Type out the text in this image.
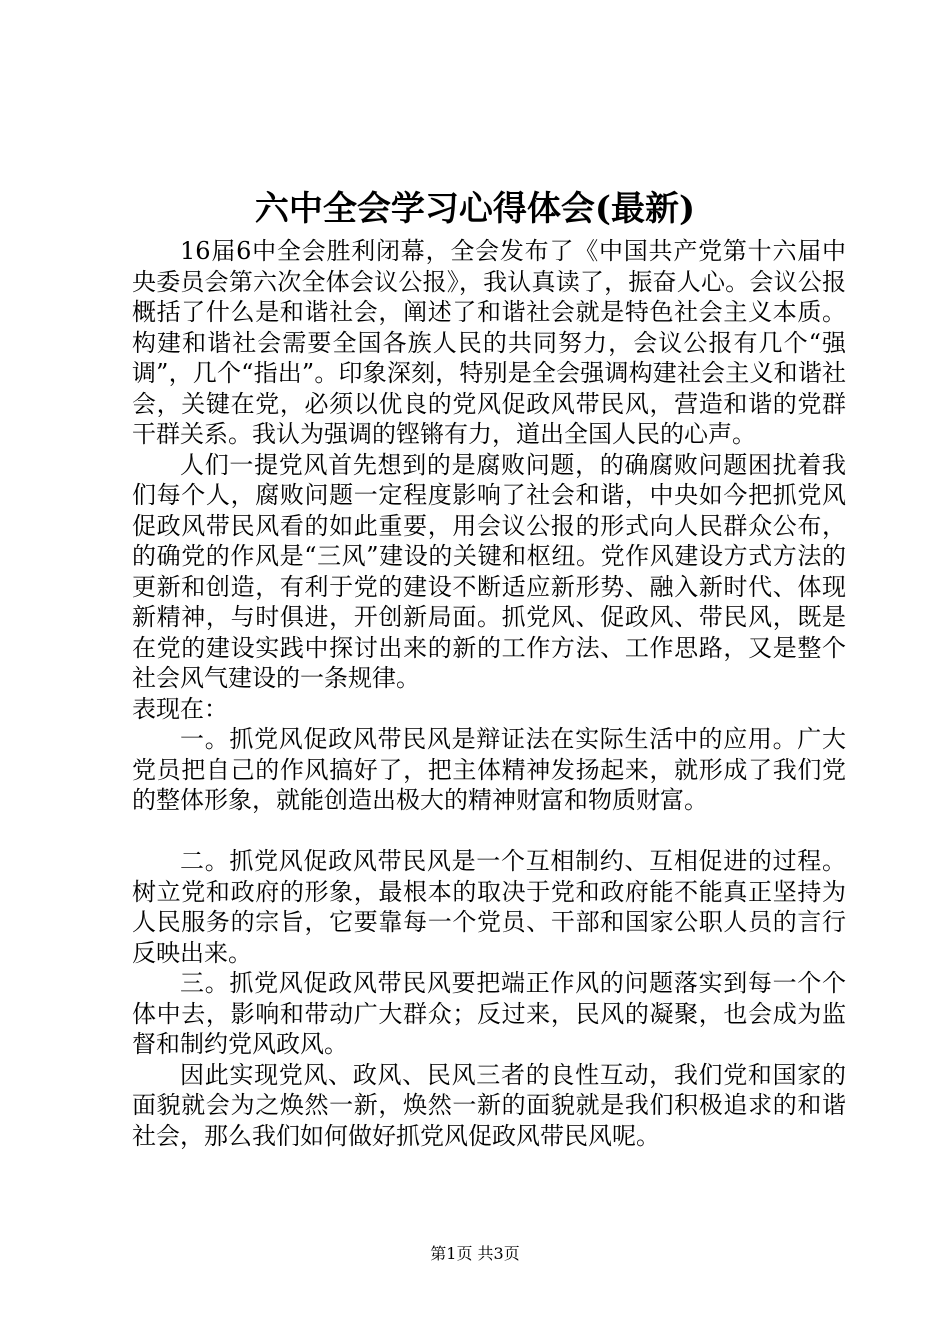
六中全会学习心得体会(最新)

16届6中全会胜利闭幕，全会发布了《中国共产党第十六届中央委员会第六次全体会议公报》，我认真读了，振奋人心。会议公报概括了什么是和谐社会，阐述了和谐社会就是特色社会主义本质。构建和谐社会需要全国各族人民的共同努力，会议公报有几个“强调”，几个“指出”。印象深刻，特别是全会强调构建社会主义和谐社会，关键在党，必须以优良的党风促政风带民风，营造和谐的党群干群关系。我认为强调的铿锵有力，道出全国人民的心声。

人们一提党风首先想到的是腐败问题，的确腐败问题困扰着我们每个人，腐败问题一定程度影响了社会和谐，中央如今把抓党风促政风带民风看的如此重要，用会议公报的形式向人民群众公布，的确党的作风是“三风”建设的关键和枢纽。党作风建设方式方法的更新和创造，有利于党的建设不断适应新形势、融入新时代、体现新精神，与时俱进，开创新局面。抓党风、促政风、带民风，既是在党的建设实践中探讨出来的新的工作方法、工作思路，又是整个社会风气建设的一条规律。

表现在：

一。抓党风促政风带民风是辩证法在实际生活中的应用。广大党员把自己的作风搞好了，把主体精神发扬起来，就形成了我们党的整体形象，就能创造出极大的精神财富和物质财富。

二。抓党风促政风带民风是一个互相制约、互相促进的过程。树立党和政府的形象，最根本的取决于党和政府能不能真正坚持为人民服务的宗旨，它要靠每一个党员、干部和国家公职人员的言行反映出来。

三。抓党风促政风带民风要把端正作风的问题落实到每一个个体中去，影响和带动广大群众；反过来，民风的凝聚，也会成为监督和制约党风政风。

因此实现党风、政风、民风三者的良性互动，我们党和国家的面貌就会为之焕然一新，焕然一新的面貌就是我们积极追求的和谐社会，那么我们如何做好抓党风促政风带民风呢。

第1页 共3页
